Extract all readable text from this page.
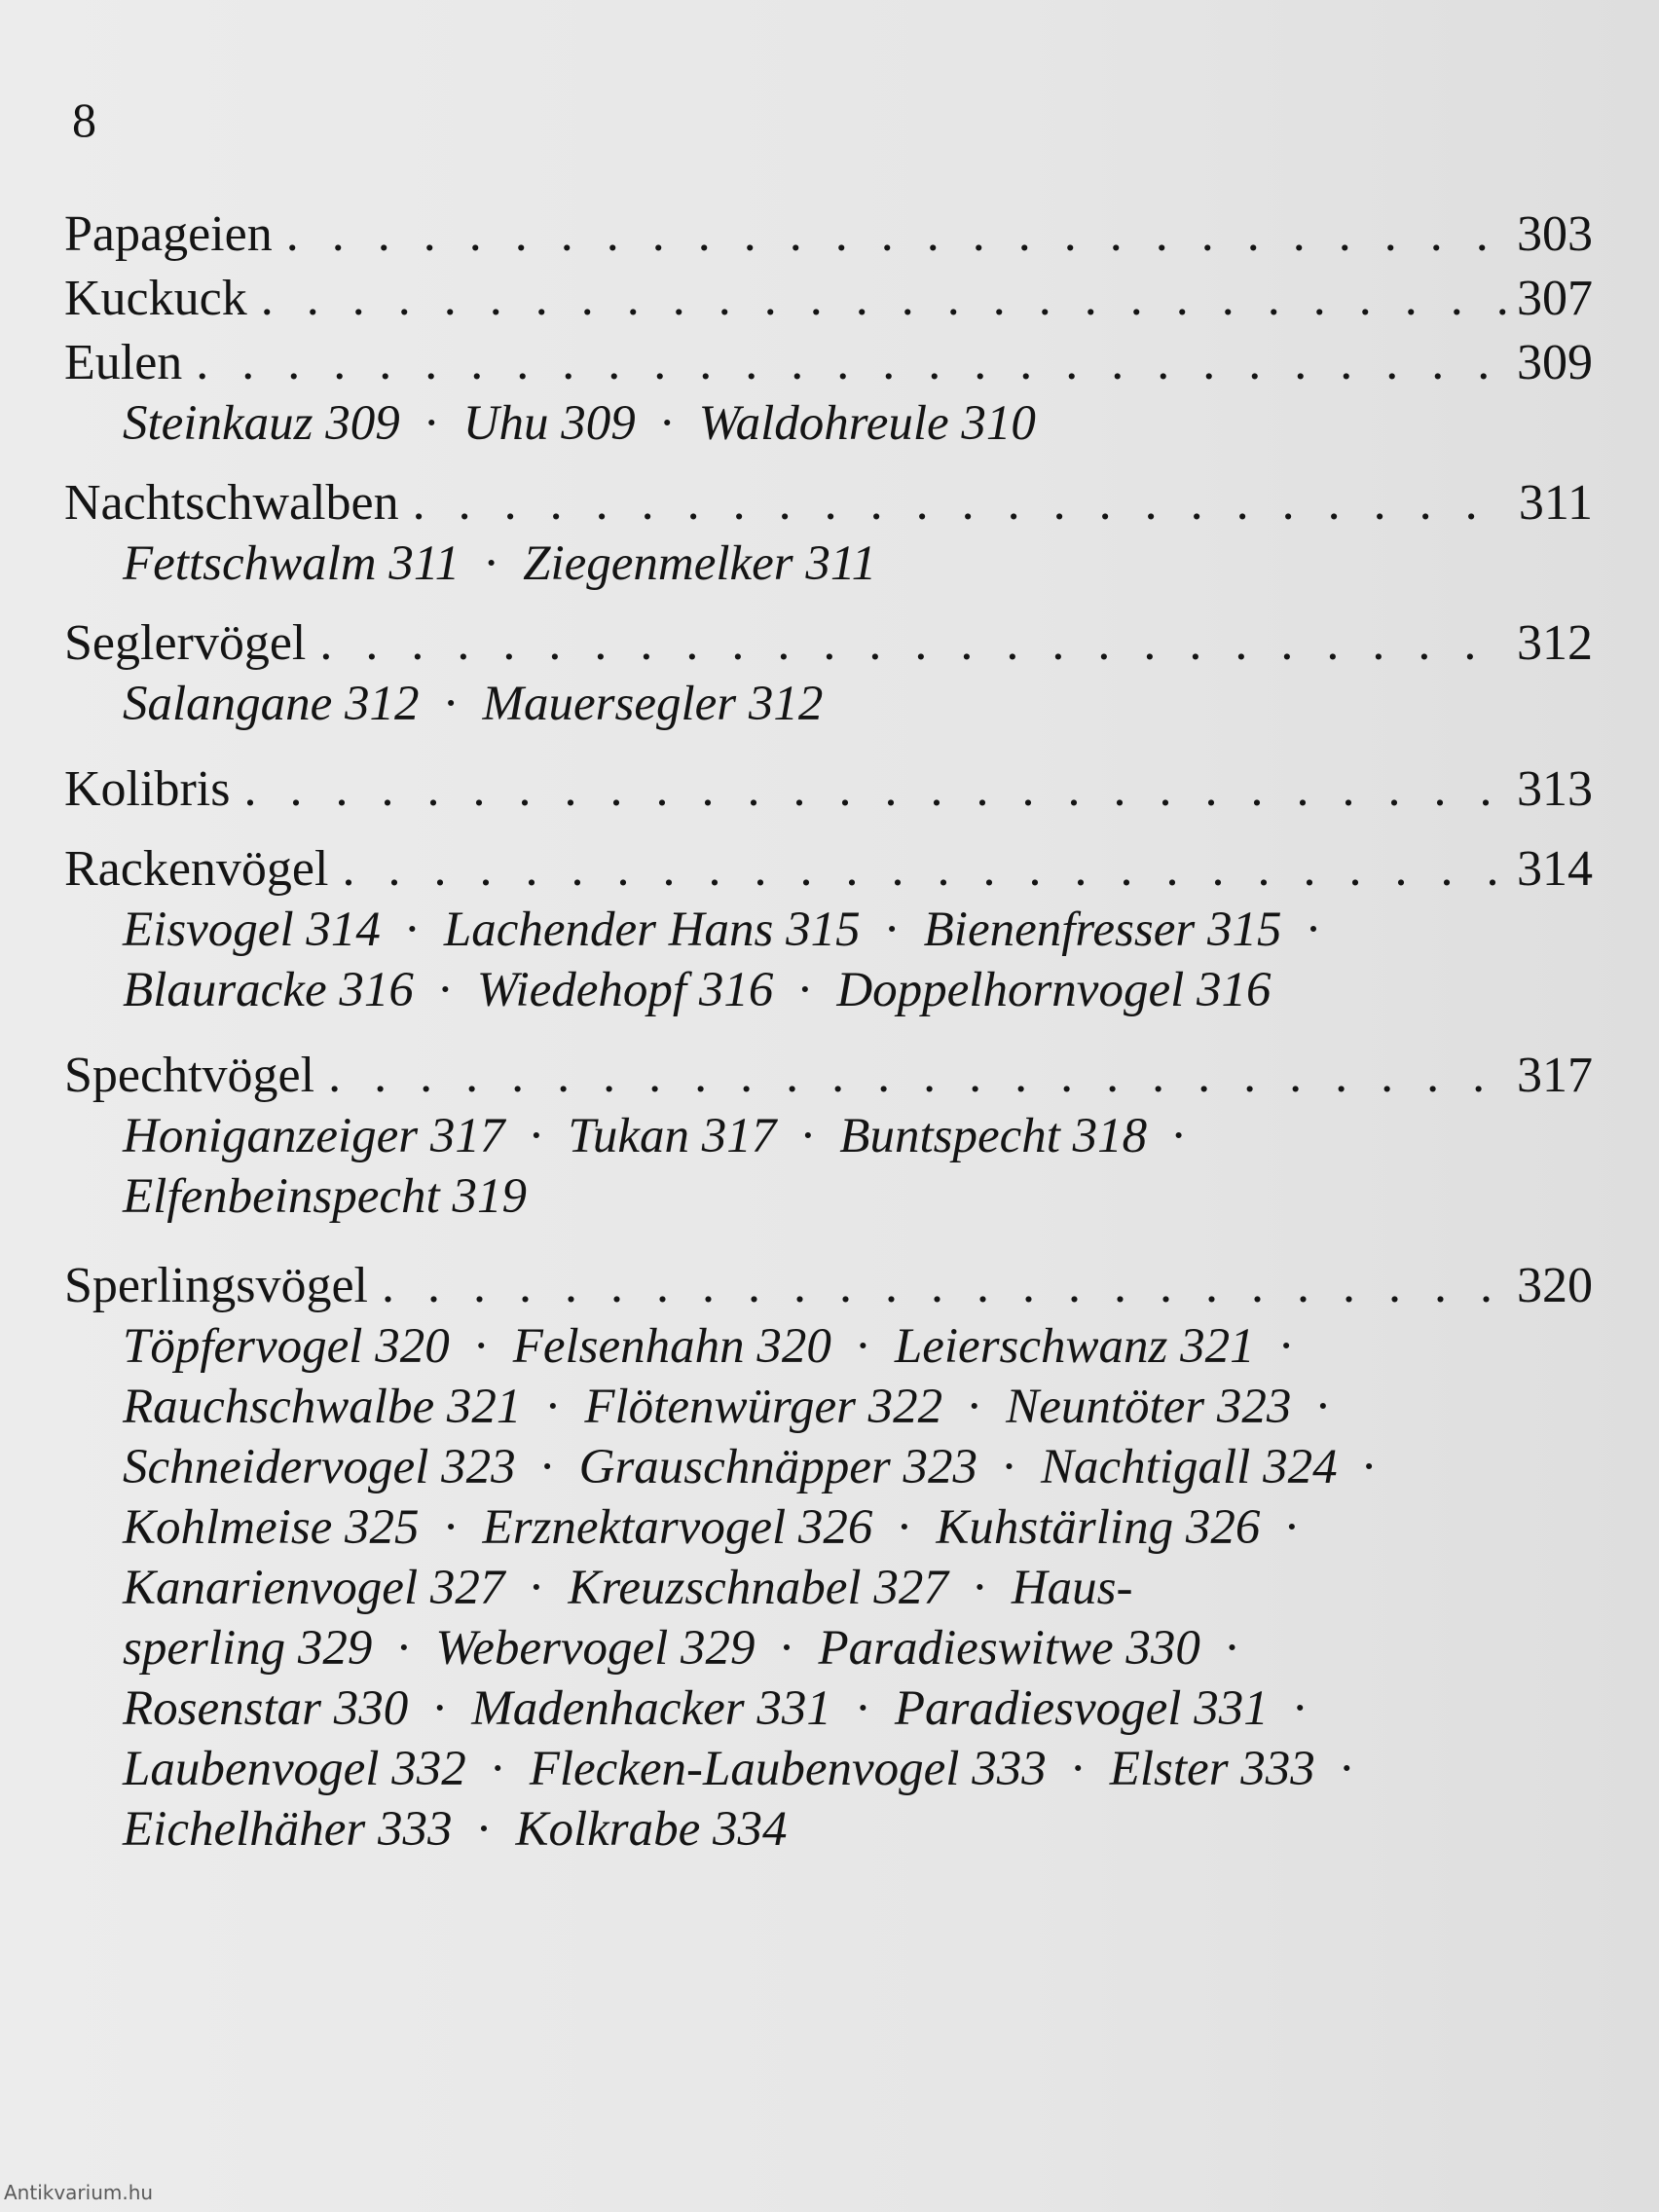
8
Papageien . . .	303
Kuckuck . . .	307
Eulen . . .	309
Steinkauz 309 · Uhu 309 · Waldohreule 310
Nachtschwalben . . .	311
Fettschwalm 311 · Ziegenmelker 311
Seglervögel . . .	312
Salangane 312 · Mauersegler 312
Kolibris . . .	313
Rackenvögel . . .	314
Eisvogel 314 · Lachender Hans 315 · Bienenfresser 315 ·
Blauracke 316 · Wiedehopf 316 · Doppelhornvogel 316
Spechtvögel . . .	317
Honiganzeiger 317 · Tukan 317 · Buntspecht 318 ·
Elfenbeinspecht 319
Sperlingsvögel . . .	320
Töpfervogel 320 · Felsenhahn 320 · Leierschwanz 321 ·
Rauchschwalbe 321 · Flötenwürger 322 · Neuntöter 323 ·
Schneidervogel 323 · Grauschnäpper 323 · Nachtigall 324 ·
Kohlmeise 325 · Erznektarvogel 326 · Kuhstärling 326 ·
Kanarienvogel 327 · Kreuzschnabel 327 · Haus-
sperling 329 · Webervogel 329 · Paradieswitwe 330 ·
Rosenstar 330 · Madenhacker 331 · Paradiesvogel 331 ·
Laubenvogel 332 · Flecken-Laubenvogel 333 · Elster 333 ·
Eichelhäher 333 · Kolkrabe 334
Antikvarium.hu
